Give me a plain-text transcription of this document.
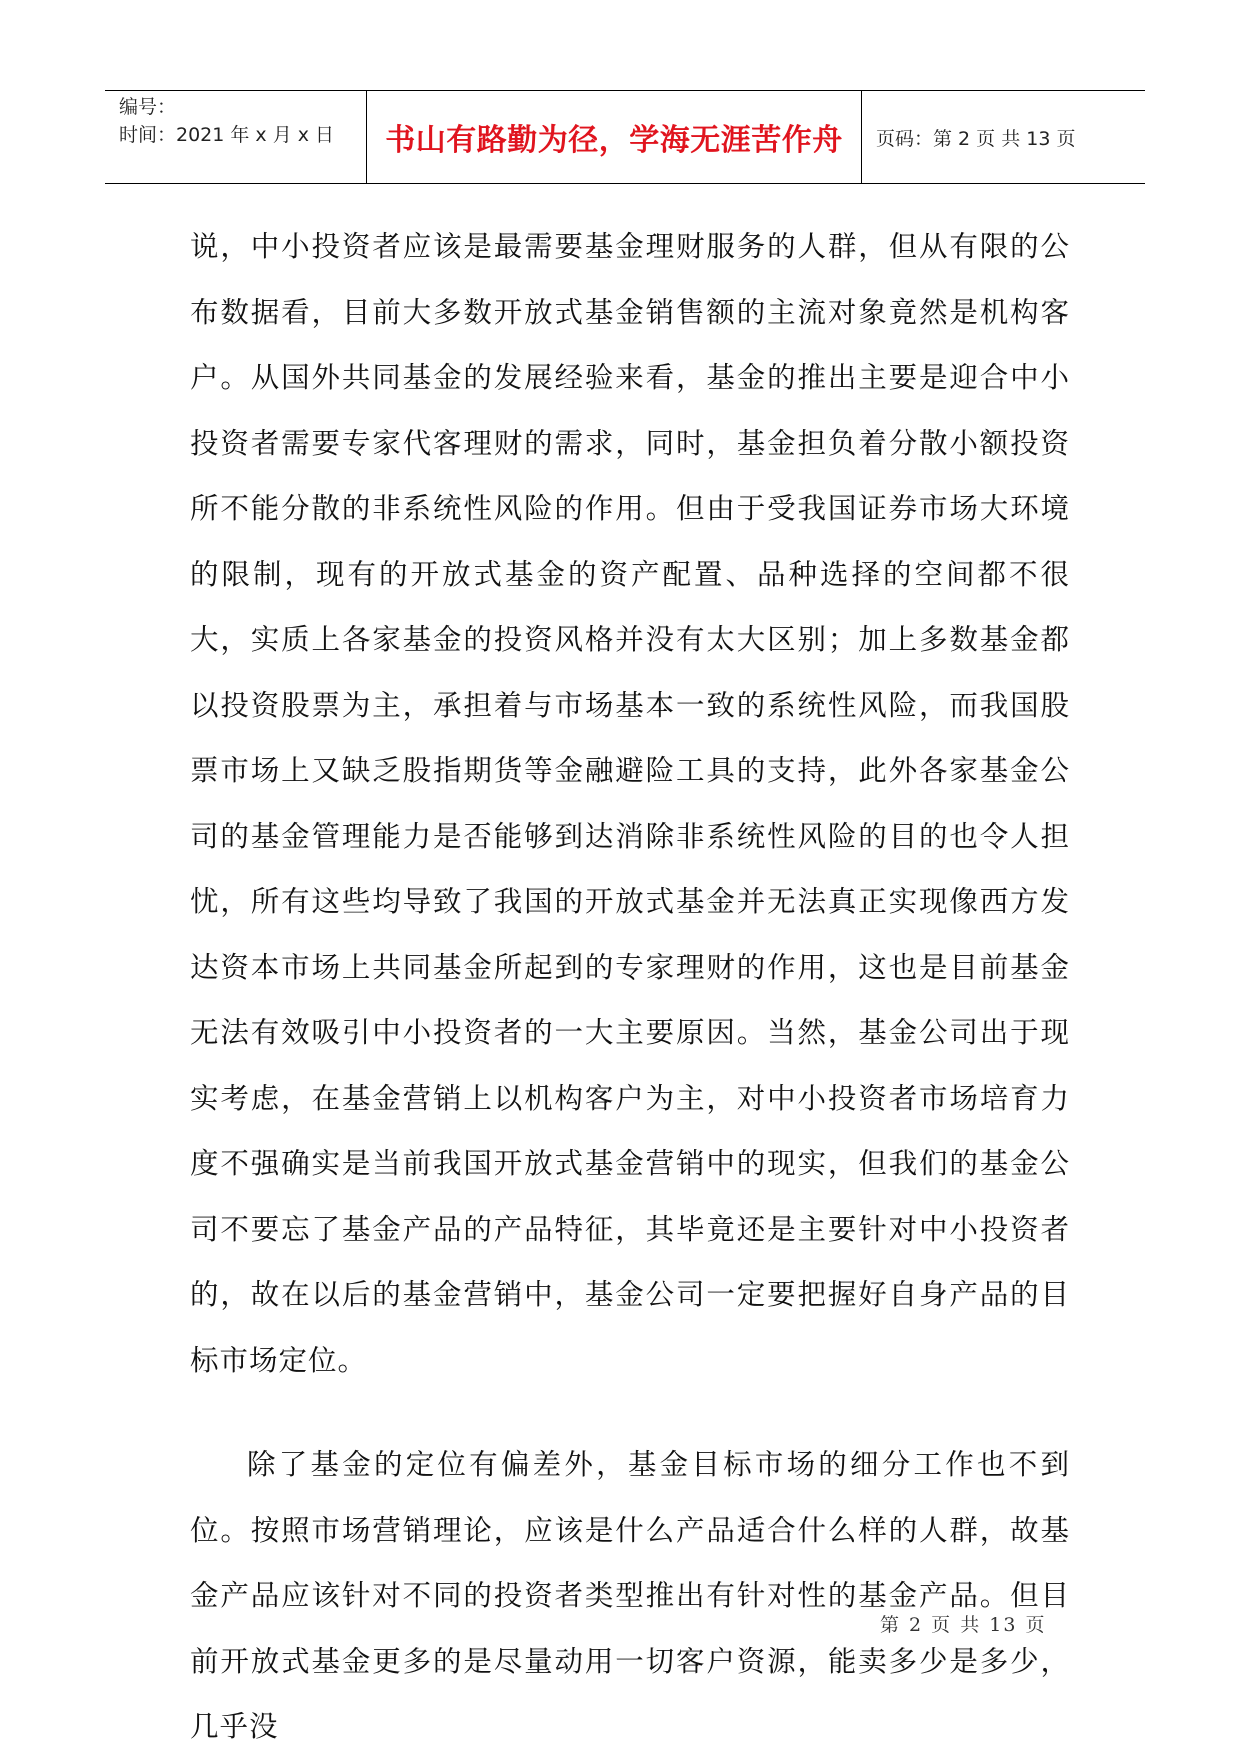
编号：
时间：2021 年 x 月 x 日	书山有路勤为径，学海无涯苦作舟	页码：第 2 页 共 13 页

说，中小投资者应该是最需要基金理财服务的人群，但从有限的公布数据看，目前大多数开放式基金销售额的主流对象竟然是机构客户。从国外共同基金的发展经验来看，基金的推出主要是迎合中小投资者需要专家代客理财的需求，同时，基金担负着分散小额投资所不能分散的非系统性风险的作用。但由于受我国证券市场大环境的限制，现有的开放式基金的资产配置、品种选择的空间都不很大，实质上各家基金的投资风格并没有太大区别；加上多数基金都以投资股票为主，承担着与市场基本一致的系统性风险，而我国股票市场上又缺乏股指期货等金融避险工具的支持，此外各家基金公司的基金管理能力是否能够到达消除非系统性风险的目的也令人担忧，所有这些均导致了我国的开放式基金并无法真正实现像西方发达资本市场上共同基金所起到的专家理财的作用，这也是目前基金无法有效吸引中小投资者的一大主要原因。当然，基金公司出于现实考虑，在基金营销上以机构客户为主，对中小投资者市场培育力度不强确实是当前我国开放式基金营销中的现实，但我们的基金公司不要忘了基金产品的产品特征，其毕竟还是主要针对中小投资者的，故在以后的基金营销中，基金公司一定要把握好自身产品的目标市场定位。

除了基金的定位有偏差外，基金目标市场的细分工作也不到位。按照市场营销理论，应该是什么产品适合什么样的人群，故基金产品应该针对不同的投资者类型推出有针对性的基金产品。但目前开放式基金更多的是尽量动用一切客户资源，能卖多少是多少，几乎没

第 2 页 共 13 页
